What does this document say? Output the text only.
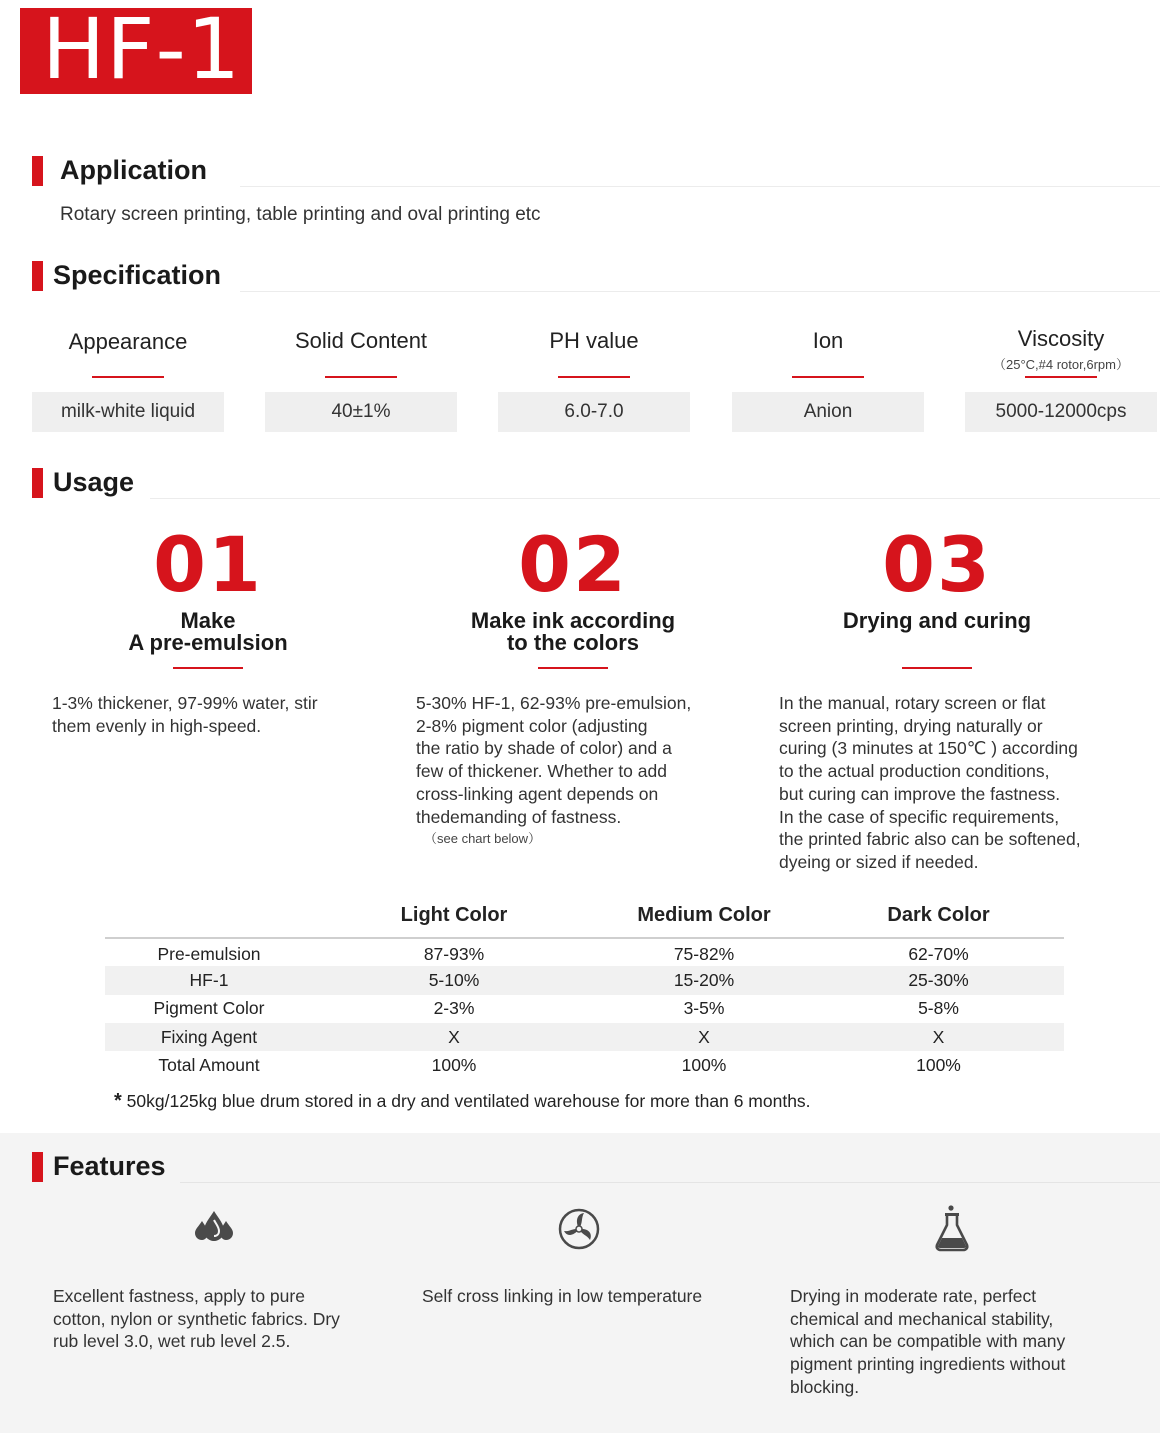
HF-1
Application
Rotary screen printing, table printing and oval printing etc
Specification
Appearance
milk-white liquid
Solid Content
40±1%
PH value
6.0-7.0
Ion
Anion
Viscosity
（25°C,#4 rotor,6rpm）
5000-12000cps
Usage
01
Make
A pre-emulsion
1-3% thickener, 97-99% water, stir
them evenly in high-speed.
02
Make ink according
to the colors
5-30% HF-1, 62-93% pre-emulsion,
2-8% pigment color (adjusting
the ratio by shade of color) and a
few of thickener. Whether to add
cross-linking agent depends on
thedemanding of fastness.
（see chart below）
03
Drying and curing
In the manual, rotary screen or flat
screen printing, drying naturally or
curing (3 minutes at 150℃ ) according
to the actual production conditions,
but curing can improve the fastness.
In the case of specific requirements,
the printed fabric also can be softened,
dyeing or sized if needed.
	Light Color	Medium Color	Dark Color
Pre-emulsion	87-93%	75-82%	62-70%
HF-1	5-10%	15-20%	25-30%
Pigment Color	2-3%	3-5%	5-8%
Fixing Agent	X	X	X
Total Amount	100%	100%	100%
* 50kg/125kg blue drum stored in a dry and ventilated warehouse for more than 6 months.
Features
Excellent fastness, apply to pure
cotton, nylon or synthetic fabrics. Dry
rub level 3.0, wet rub level 2.5.
Self cross linking in low temperature	Drying in moderate rate, perfect
chemical and mechanical stability,
which can be compatible with many
pigment printing ingredients without
blocking.
